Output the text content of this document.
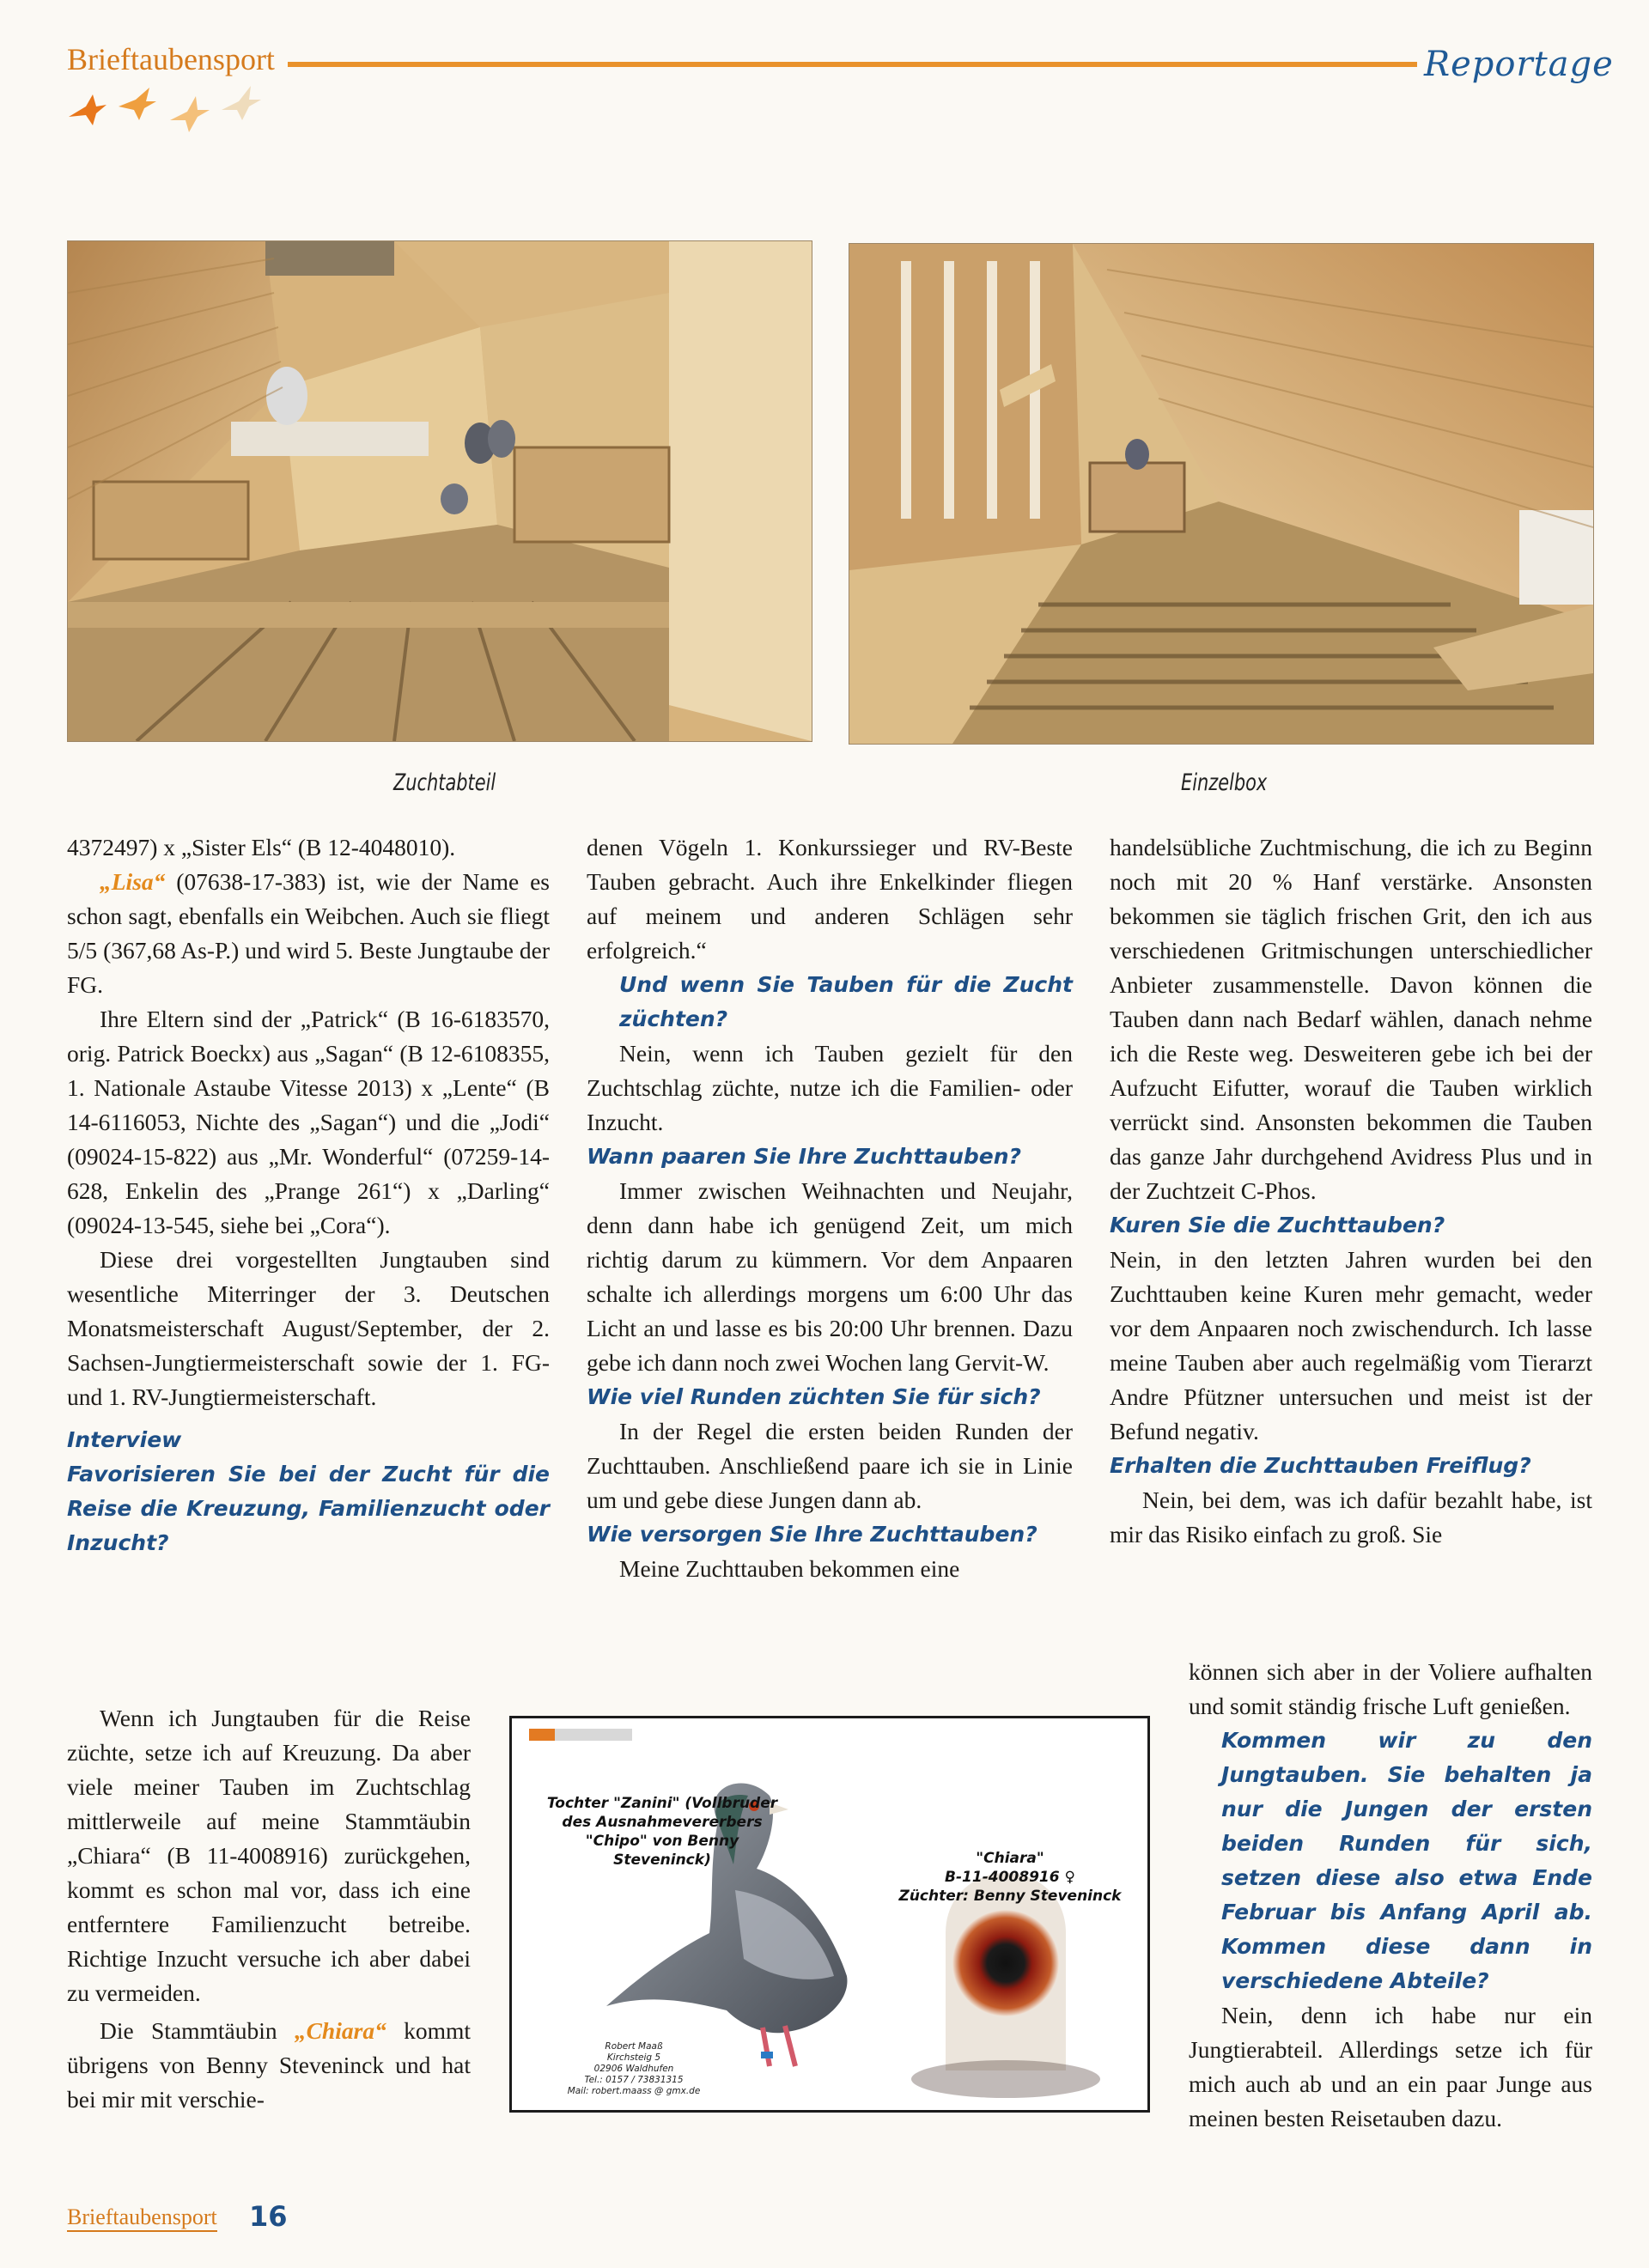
Brieftaubensport	Reportage
Zuchtabteil	Einzelbox

4372497) x „Sister Els“ (B 12-4048010).

„Lisa“ (07638-17-383) ist, wie der Name es schon sagt, ebenfalls ein Weibchen. Auch sie fliegt 5/5 (367,68 As-P.) und wird 5. Beste Jungtaube der FG.

Ihre Eltern sind der „Patrick“ (B 16-6183570, orig. Patrick Boeckx) aus „Sagan“ (B 12-6108355, 1. Nationale Astaube Vitesse 2013) x „Lente“ (B 14-6116053, Nichte des „Sagan“) und die „Jodi“ (09024-15-822) aus „Mr. Wonderful“ (07259-14-628, Enkelin des „Prange 261“) x „Darling“ (09024-13-545, siehe bei „Cora“).

Diese drei vorgestellten Jungtauben sind wesentliche Miterringer der 3. Deutschen Monatsmeisterschaft August/September, der 2. Sachsen-Jungtiermeisterschaft sowie der 1. FG- und 1. RV-Jungtiermeisterschaft.

Interview

Favorisieren Sie bei der Zucht für die Reise die Kreuzung, Familienzucht oder Inzucht?

Wenn ich Jungtauben für die Reise züchte, setze ich auf Kreuzung. Da aber viele meiner Tauben im Zuchtschlag mittlerweile auf meine Stammtäubin „Chiara“ (B 11-4008916) zurückgehen, kommt es schon mal vor, dass ich eine entferntere Familienzucht betreibe. Richtige Inzucht versuche ich aber dabei zu vermeiden.

Die Stammtäubin „Chiara“ kommt übrigens von Benny Steveninck und hat bei mir mit verschie-

denen Vögeln 1. Konkurssieger und RV-Beste Tauben gebracht. Auch ihre Enkelkinder fliegen auf meinem und anderen Schlägen sehr erfolgreich.“

Und wenn Sie Tauben für die Zucht züchten?

Nein, wenn ich Tauben gezielt für den Zuchtschlag züchte, nutze ich die Familien- oder Inzucht.

Wann paaren Sie Ihre Zuchttauben?

Immer zwischen Weihnachten und Neujahr, denn dann habe ich genügend Zeit, um mich richtig darum zu kümmern. Vor dem Anpaaren schalte ich allerdings morgens um 6:00 Uhr das Licht an und lasse es bis 20:00 Uhr brennen. Dazu gebe ich dann noch zwei Wochen lang Gervit-W.

Wie viel Runden züchten Sie für sich?

In der Regel die ersten beiden Runden der Zuchttauben. Anschließend paare ich sie in Linie um und gebe diese Jungen dann ab.

Wie versorgen Sie Ihre Zuchttauben?

Meine Zuchttauben bekommen eine

handelsübliche Zuchtmischung, die ich zu Beginn noch mit 20 % Hanf verstärke. Ansonsten bekommen sie täglich frischen Grit, den ich aus verschiedenen Gritmischungen unterschiedlicher Anbieter zusammenstelle. Davon können die Tauben dann nach Bedarf wählen, danach nehme ich die Reste weg. Desweiteren gebe ich bei der Aufzucht Eifutter, worauf die Tauben wirklich verrückt sind. Ansonsten bekommen die Tauben das ganze Jahr durchgehend Avidress Plus und in der Zuchtzeit C-Phos.

Kuren Sie die Zuchttauben?

Nein, in den letzten Jahren wurden bei den Zuchttauben keine Kuren mehr gemacht, weder vor dem Anpaaren noch zwischendurch. Ich lasse meine Tauben aber auch regelmäßig vom Tierarzt Andre Pfützner untersuchen und meist ist der Befund negativ.

Erhalten die Zuchttauben Freiflug?

Nein, bei dem, was ich dafür bezahlt habe, ist mir das Risiko einfach zu groß. Sie

können sich aber in der Voliere aufhalten und somit ständig frische Luft genießen.

Kommen wir zu den Jungtauben. Sie behalten ja nur die Jungen der ersten beiden Runden für sich, setzen diese also etwa Ende Februar bis Anfang April ab. Kommen diese dann in verschiedene Abteile?

Nein, denn ich habe nur ein Jungtierabteil. Allerdings setze ich für mich auch ab und an ein paar Junge aus meinen besten Reisetauben dazu.

Tochter "Zanini" (Vollbruder des Ausnahmevererbers "Chipo" von Benny Steveninck)	"Chiara"
B-11-4008916 ♀
Züchter: Benny Steveninck
Robert Maaß
Kirchsteig 5
02906 Waldhufen
Tel.: 0157 / 73831315
Mail: robert.maass @ gmx.de
Brieftaubensport 16
